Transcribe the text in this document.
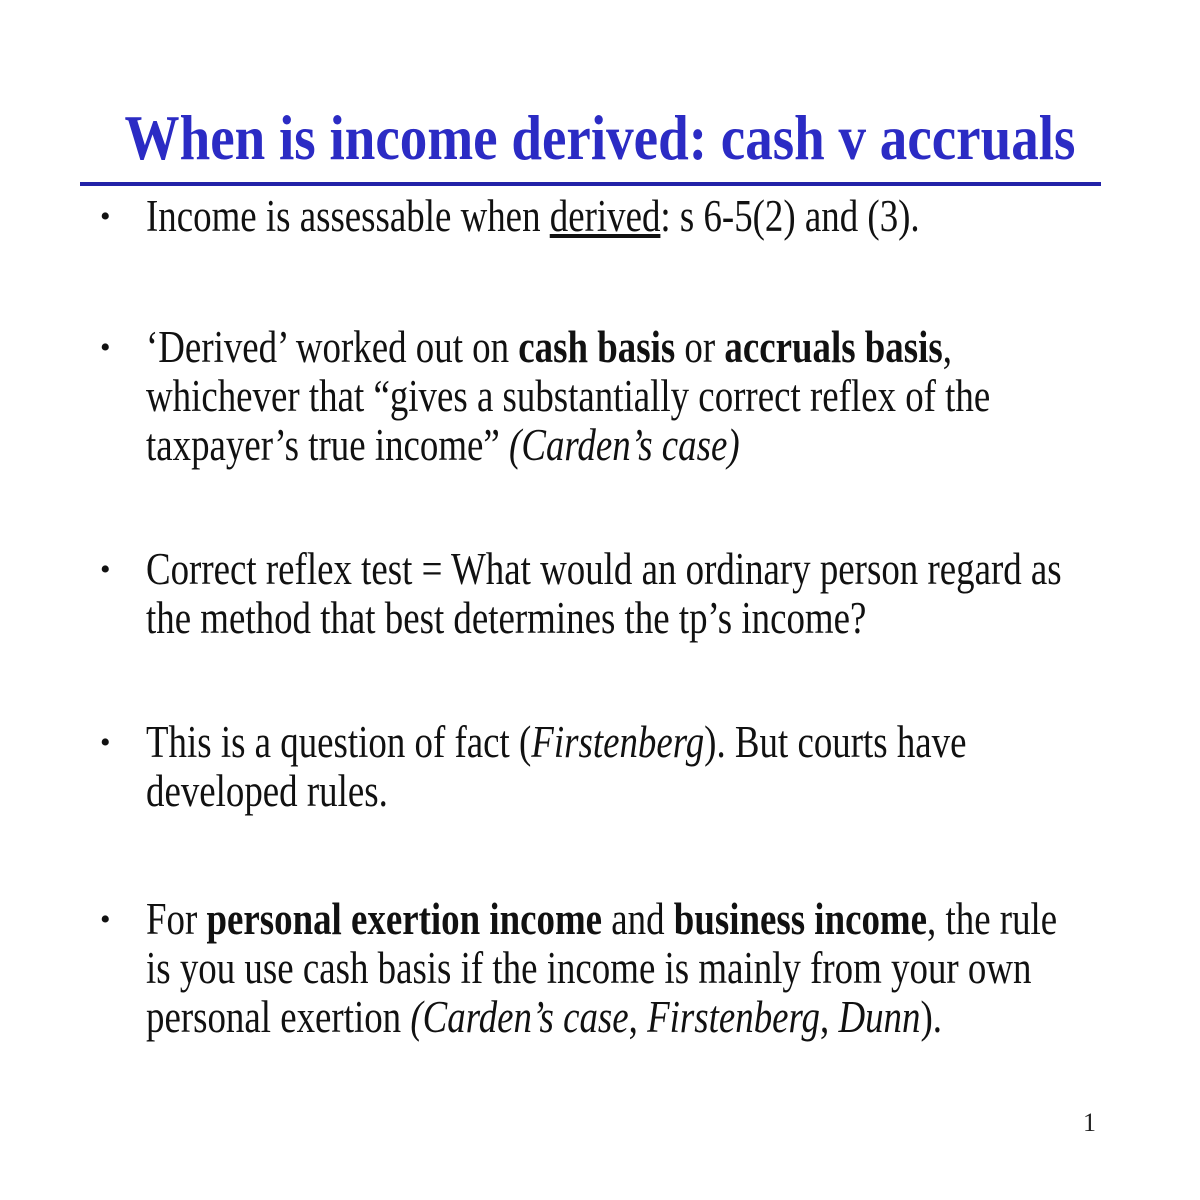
When is income derived: cash v accruals
• Income is assessable when derived: s 6-5(2) and (3).
• ‘Derived’ worked out on cash basis or accruals basis,
whichever that “gives a substantially correct reflex of the
taxpayer’s true income” (Carden’s case)
• Correct reflex test = What would an ordinary person regard as
the method that best determines the tp’s income?
• This is a question of fact (Firstenberg). But courts have
developed rules.
• For personal exertion income and business income, the rule
is you use cash basis if the income is mainly from your own
personal exertion (Carden’s case, Firstenberg, Dunn).
1
